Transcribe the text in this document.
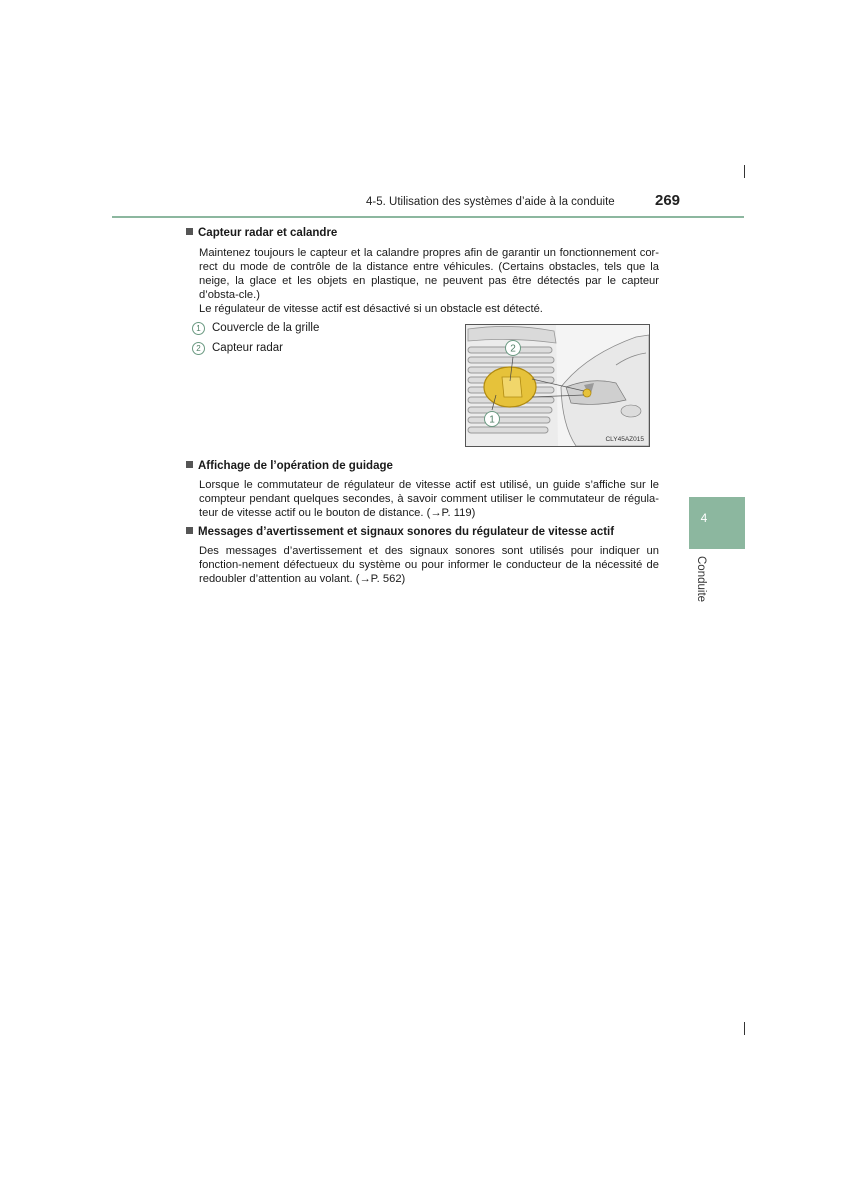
4-5. Utilisation des systèmes d’aide à la conduite	269
Capteur radar et calandre
Maintenez toujours le capteur et la calandre propres afin de garantir un fonctionnement cor-rect du mode de contrôle de la distance entre véhicules. (Certains obstacles, tels que la neige, la glace et les objets en plastique, ne peuvent pas être détectés par le capteur d’obsta-cle.)
Le régulateur de vitesse actif est désactivé si un obstacle est détecté.
1 Couvercle de la grille
2 Capteur radar	2
1
CLY45AZ015
Affichage de l’opération de guidage
Lorsque le commutateur de régulateur de vitesse actif est utilisé, un guide s’affiche sur le compteur pendant quelques secondes, à savoir comment utiliser le commutateur de régula-teur de vitesse actif ou le bouton de distance. (→P. 119)
Messages d’avertissement et signaux sonores du régulateur de vitesse actif
Des messages d’avertissement et des signaux sonores sont utilisés pour indiquer un fonction-nement défectueux du système ou pour informer le conducteur de la nécessité de redoubler d’attention au volant. (→P. 562)
4
Conduite
